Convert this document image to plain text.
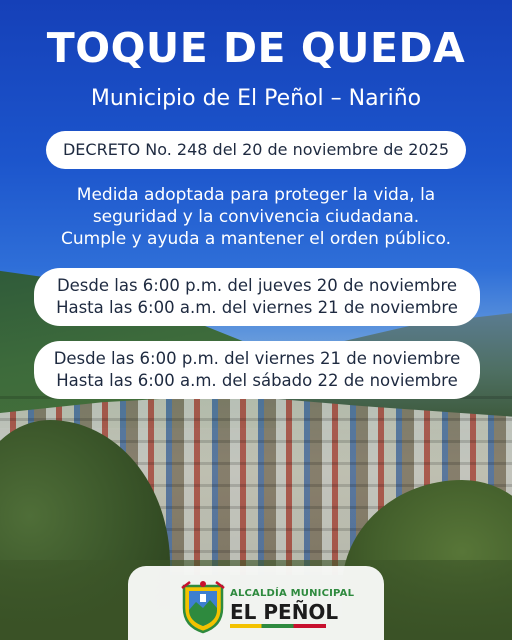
TOQUE DE QUEDA
Municipio de El Peñol – Nariño
DECRETO No. 248 del 20 de noviembre de 2025
Medida adoptada para proteger la vida, la
seguridad y la convivencia ciudadana.
Cumple y ayuda a mantener el orden público.
Desde las 6:00 p.m. del jueves 20 de noviembre
Hasta las 6:00 a.m. del viernes 21 de noviembre
Desde las 6:00 p.m. del viernes 21 de noviembre
Hasta las 6:00 a.m. del sábado 22 de noviembre
ALCALDÍA MUNICIPAL
EL PEÑOL
